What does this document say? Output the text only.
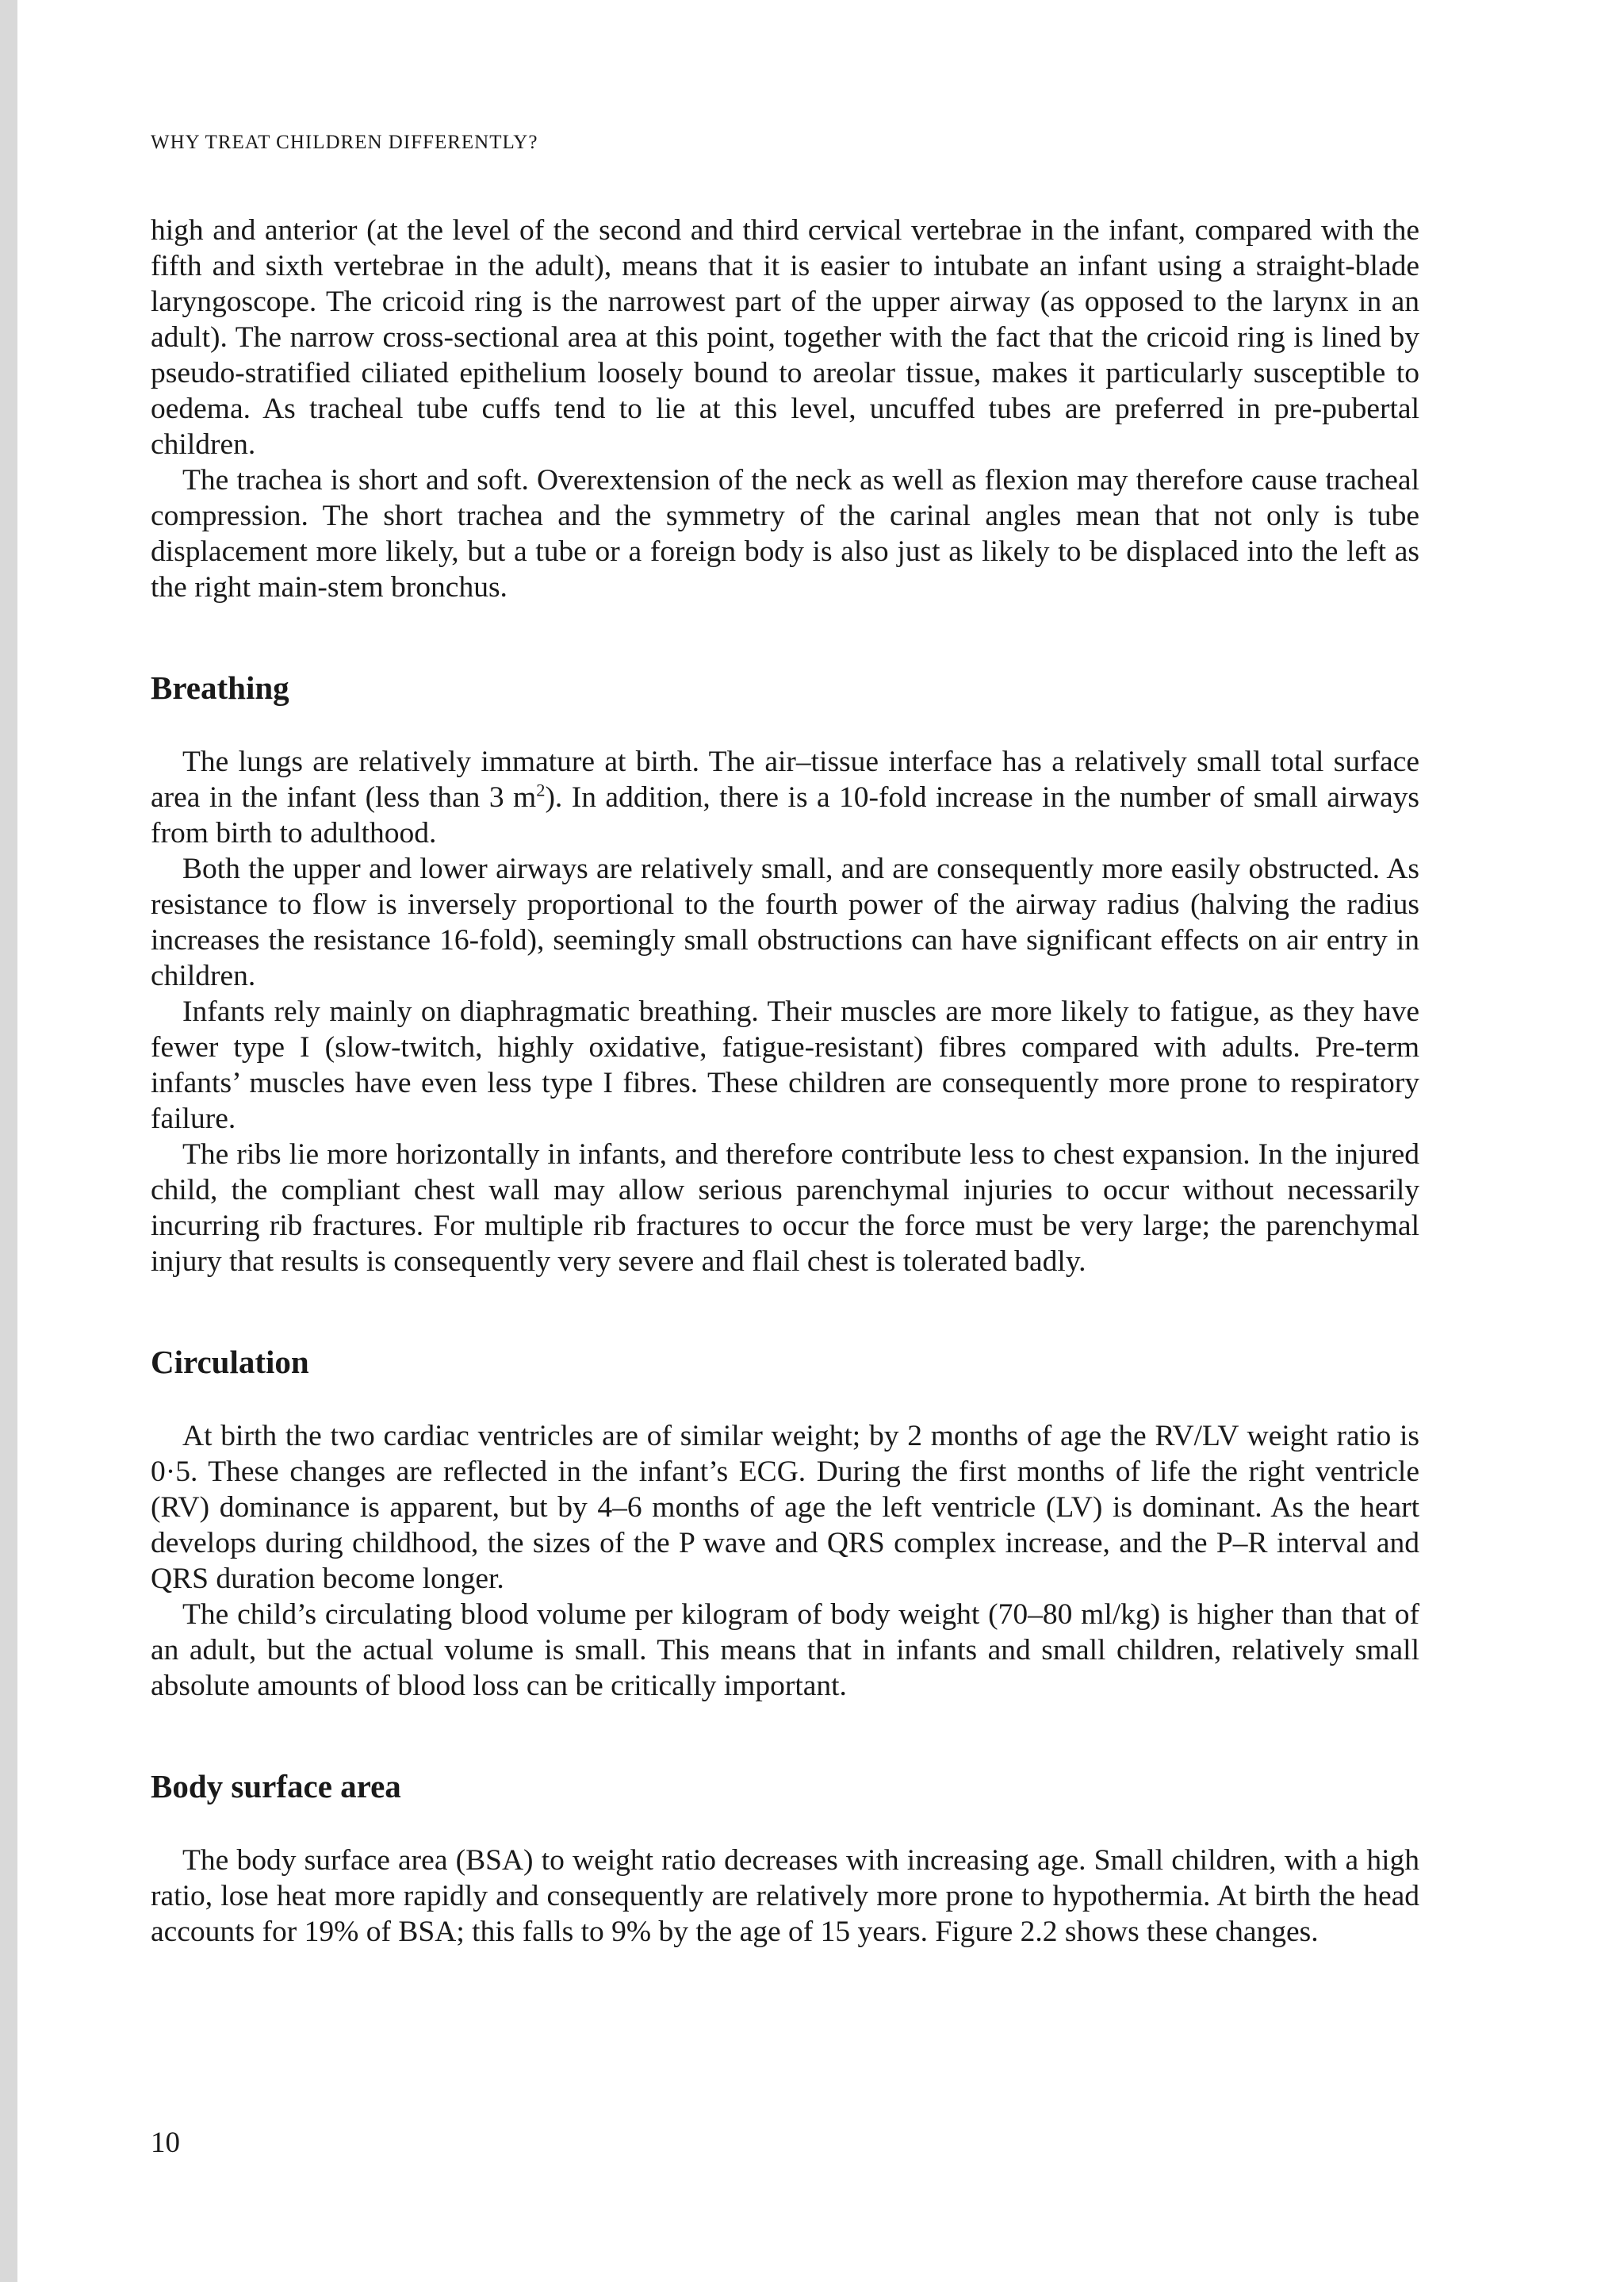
WHY TREAT CHILDREN DIFFERENTLY?

high and anterior (at the level of the second and third cervical vertebrae in the infant, compared with the fifth and sixth vertebrae in the adult), means that it is easier to intubate an infant using a straight-blade laryngoscope. The cricoid ring is the narrowest part of the upper airway (as opposed to the larynx in an adult). The narrow cross-sectional area at this point, together with the fact that the cricoid ring is lined by pseudo-stratified ciliated epithelium loosely bound to areolar tissue, makes it particularly susceptible to oedema. As tracheal tube cuffs tend to lie at this level, uncuffed tubes are preferred in pre-pubertal children.

The trachea is short and soft. Overextension of the neck as well as flexion may therefore cause tracheal compression. The short trachea and the symmetry of the carinal angles mean that not only is tube displacement more likely, but a tube or a foreign body is also just as likely to be displaced into the left as the right main-stem bronchus.

Breathing

The lungs are relatively immature at birth. The air–tissue interface has a relatively small total surface area in the infant (less than 3 $m^2$). In addition, there is a 10-fold increase in the number of small airways from birth to adulthood.

Both the upper and lower airways are relatively small, and are consequently more easily obstructed. As resistance to flow is inversely proportional to the fourth power of the airway radius (halving the radius increases the resistance 16-fold), seemingly small obstructions can have significant effects on air entry in children.

Infants rely mainly on diaphragmatic breathing. Their muscles are more likely to fatigue, as they have fewer type I (slow-twitch, highly oxidative, fatigue-resistant) fibres compared with adults. Pre-term infants’ muscles have even less type I fibres. These children are consequently more prone to respiratory failure.

The ribs lie more horizontally in infants, and therefore contribute less to chest expansion. In the injured child, the compliant chest wall may allow serious parenchymal injuries to occur without necessarily incurring rib fractures. For multiple rib fractures to occur the force must be very large; the parenchymal injury that results is consequently very severe and flail chest is tolerated badly.

Circulation

At birth the two cardiac ventricles are of similar weight; by 2 months of age the RV/LV weight ratio is 0·5. These changes are reflected in the infant’s ECG. During the first months of life the right ventricle (RV) dominance is apparent, but by 4–6 months of age the left ventricle (LV) is dominant. As the heart develops during childhood, the sizes of the P wave and QRS complex increase, and the P–R interval and QRS duration become longer.

The child’s circulating blood volume per kilogram of body weight (70–80 ml/kg) is higher than that of an adult, but the actual volume is small. This means that in infants and small children, relatively small absolute amounts of blood loss can be critically important.

Body surface area

The body surface area (BSA) to weight ratio decreases with increasing age. Small children, with a high ratio, lose heat more rapidly and consequently are relatively more prone to hypothermia. At birth the head accounts for 19% of BSA; this falls to 9% by the age of 15 years. Figure 2.2 shows these changes.

10
